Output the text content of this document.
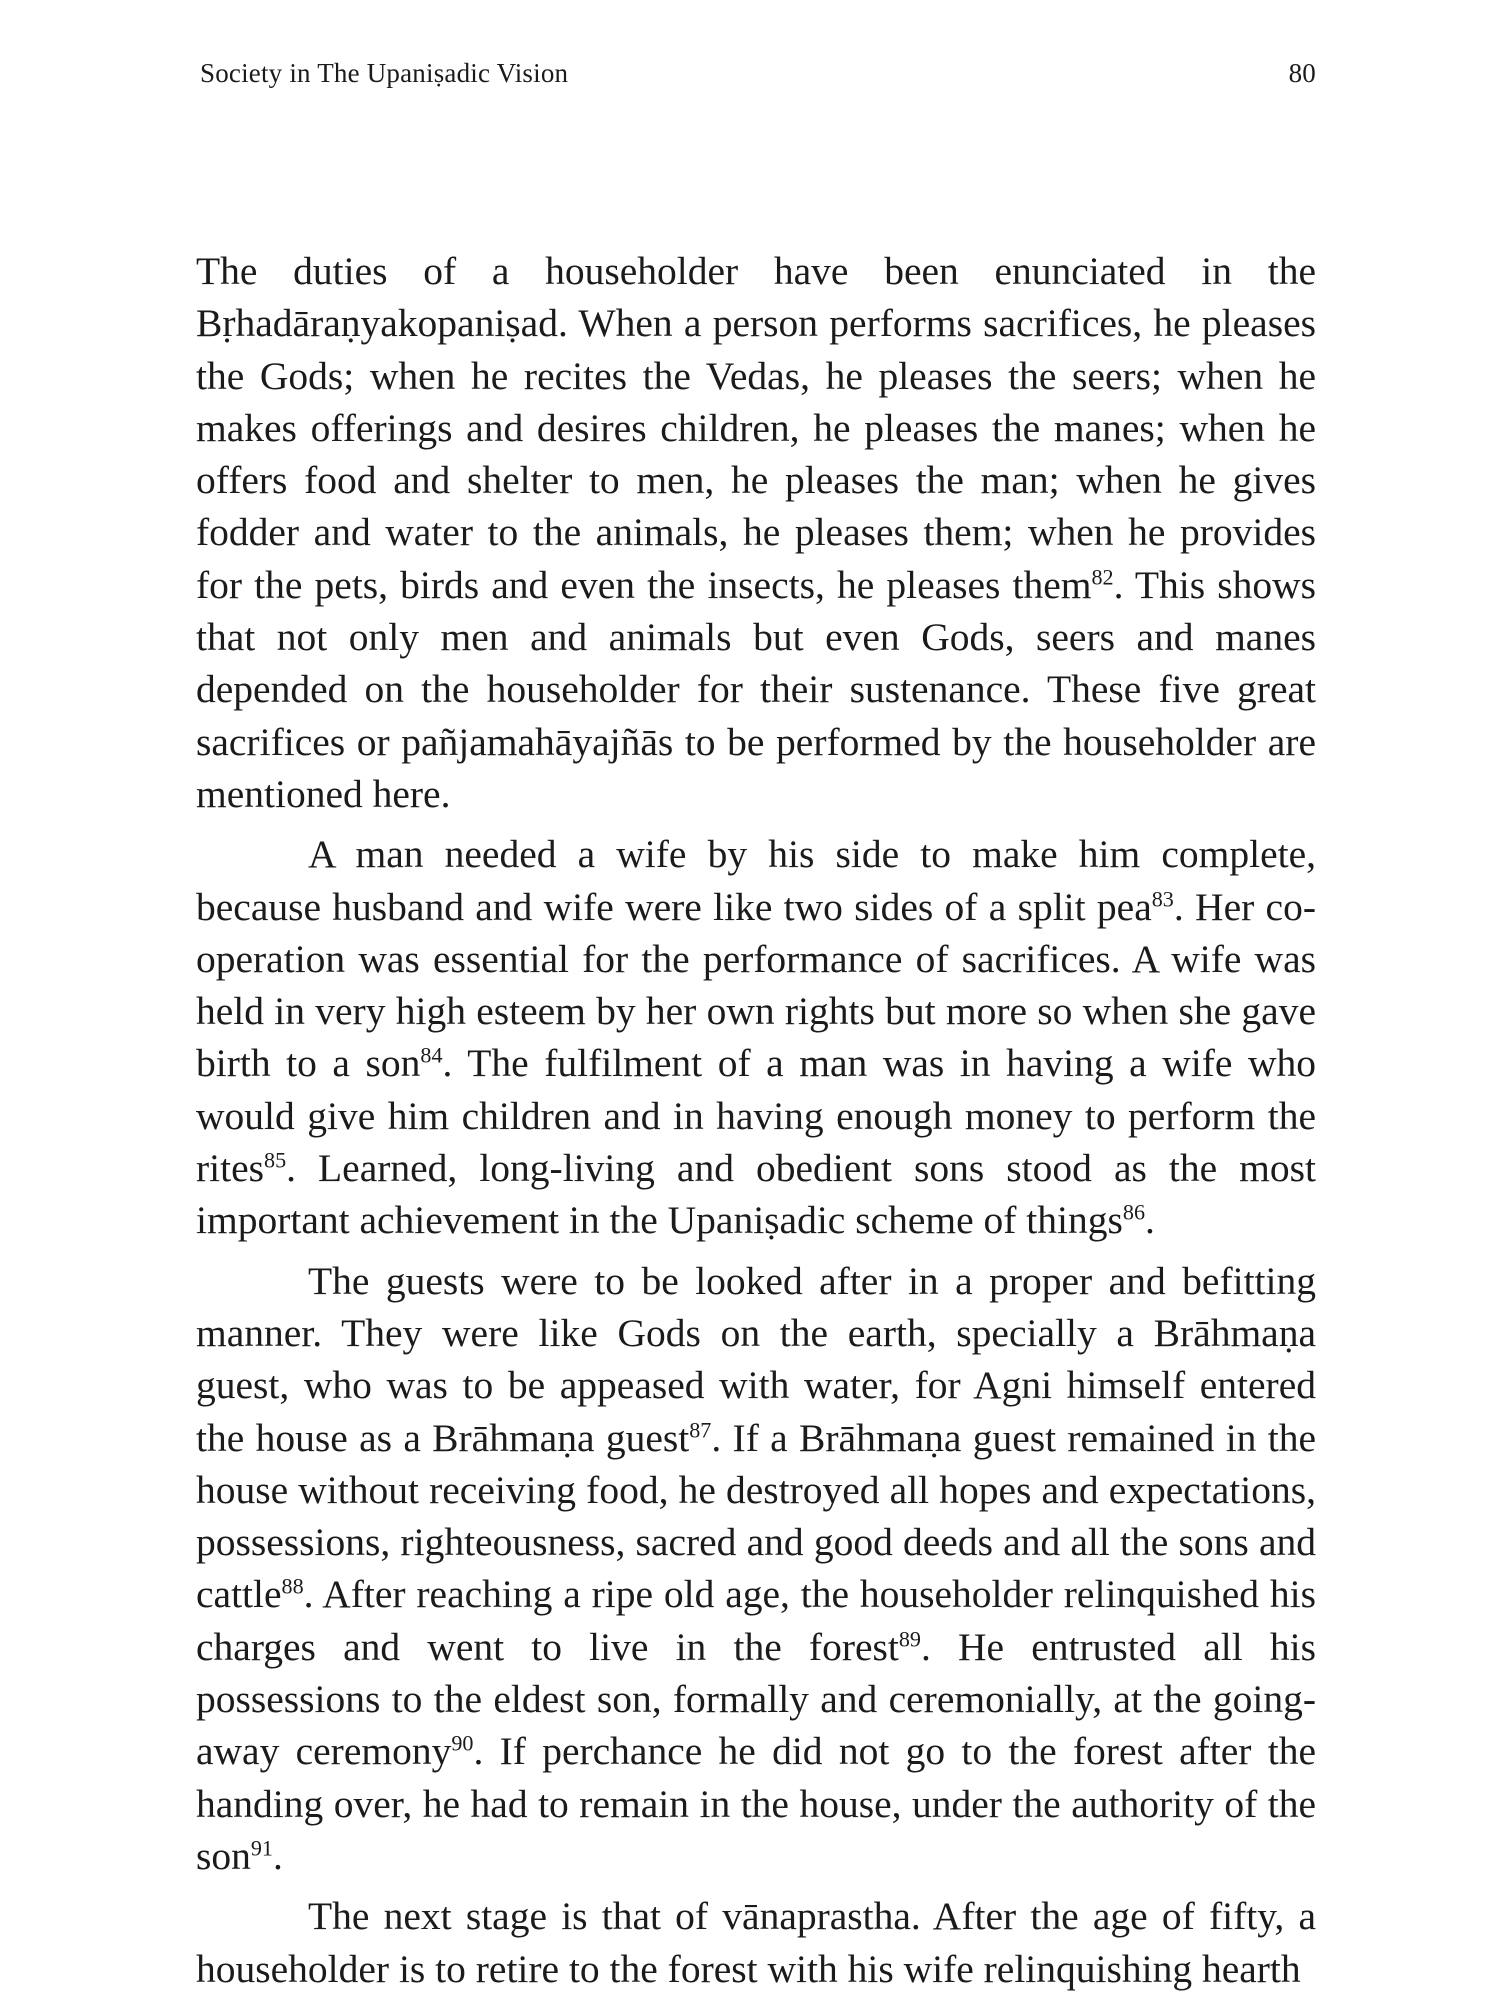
Society in The Upaniṣadic Vision	80

The duties of a householder have been enunciated in the Bṛhadāraṇyakopaniṣad. When a person performs sacrifices, he pleases the Gods; when he recites the Vedas, he pleases the seers; when he makes offerings and desires children, he pleases the manes; when he offers food and shelter to men, he pleases the man; when he gives fodder and water to the animals, he pleases them; when he provides for the pets, birds and even the insects, he pleases them$^{82}$. This shows that not only men and animals but even Gods, seers and manes depended on the householder for their sustenance. These five great sacrifices or pañjamahāyajñās to be performed by the householder are mentioned here.

A man needed a wife by his side to make him complete, because husband and wife were like two sides of a split pea$^{83}$. Her co-operation was essential for the performance of sacrifices. A wife was held in very high esteem by her own rights but more so when she gave birth to a son$^{84}$. The fulfilment of a man was in having a wife who would give him children and in having enough money to perform the rites$^{85}$. Learned, long-living and obedient sons stood as the most important achievement in the Upaniṣadic scheme of things$^{86}$.

The guests were to be looked after in a proper and befitting manner. They were like Gods on the earth, specially a Brāhmaṇa guest, who was to be appeased with water, for Agni himself entered the house as a Brāhmaṇa guest$^{87}$. If a Brāhmaṇa guest remained in the house without receiving food, he destroyed all hopes and expectations, possessions, righteousness, sacred and good deeds and all the sons and cattle$^{88}$. After reaching a ripe old age, the householder relinquished his charges and went to live in the forest$^{89}$. He entrusted all his possessions to the eldest son, formally and ceremonially, at the going-away ceremony$^{90}$. If perchance he did not go to the forest after the handing over, he had to remain in the house, under the authority of the son$^{91}$.

The next stage is that of vānaprastha. After the age of fifty, a householder is to retire to the forest with his wife relinquishing hearth
